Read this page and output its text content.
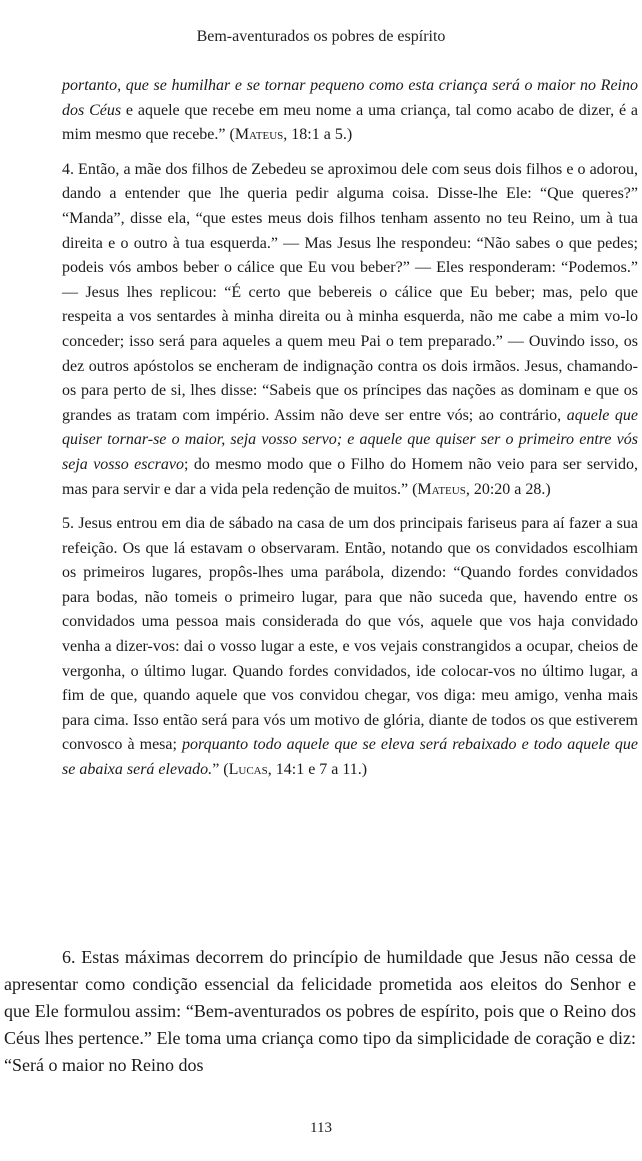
Bem-aventurados os pobres de espírito

portanto, que se humilhar e se tornar pequeno como esta criança será o maior no Reino dos Céus e aquele que recebe em meu nome a uma criança, tal como acabo de dizer, é a mim mesmo que recebe.” (Mateus, 18:1 a 5.)

4. Então, a mãe dos filhos de Zebedeu se aproximou dele com seus dois filhos e o adorou, dando a entender que lhe queria pedir alguma coisa. Disse-lhe Ele: “Que queres?” “Manda”, disse ela, “que estes meus dois filhos tenham assento no teu Reino, um à tua direita e o outro à tua esquerda.” — Mas Jesus lhe respondeu: “Não sabes o que pedes; podeis vós ambos beber o cálice que Eu vou beber?” — Eles responderam: “Podemos.” — Jesus lhes replicou: “É certo que bebereis o cálice que Eu beber; mas, pelo que respeita a vos sentardes à minha direita ou à minha esquerda, não me cabe a mim vo-lo conceder; isso será para aqueles a quem meu Pai o tem preparado.” — Ouvindo isso, os dez outros apóstolos se encheram de indignação contra os dois irmãos. Jesus, chamando-os para perto de si, lhes disse: “Sabeis que os príncipes das nações as dominam e que os grandes as tratam com império. Assim não deve ser entre vós; ao contrário, aquele que quiser tornar-se o maior, seja vosso servo; e aquele que quiser ser o primeiro entre vós seja vosso escravo; do mesmo modo que o Filho do Homem não veio para ser servido, mas para servir e dar a vida pela redenção de muitos.” (Mateus, 20:20 a 28.)

5. Jesus entrou em dia de sábado na casa de um dos principais fariseus para aí fazer a sua refeição. Os que lá estavam o observaram. Então, notando que os convidados escolhiam os primeiros lugares, propôs-lhes uma parábola, dizendo: “Quando fordes convidados para bodas, não tomeis o primeiro lugar, para que não suceda que, havendo entre os convidados uma pessoa mais considerada do que vós, aquele que vos haja convidado venha a dizer-vos: dai o vosso lugar a este, e vos vejais constrangidos a ocupar, cheios de vergonha, o último lugar. Quando fordes convidados, ide colocar-vos no último lugar, a fim de que, quando aquele que vos convidou chegar, vos diga: meu amigo, venha mais para cima. Isso então será para vós um motivo de glória, diante de todos os que estiverem convosco à mesa; porquanto todo aquele que se eleva será rebaixado e todo aquele que se abaixa será elevado.” (Lucas, 14:1 e 7 a 11.)

6. Estas máximas decorrem do princípio de humildade que Jesus não cessa de apresentar como condição essencial da felicidade prometida aos eleitos do Senhor e que Ele formulou assim: “Bem-aventurados os pobres de espírito, pois que o Reino dos Céus lhes pertence.” Ele toma uma criança como tipo da simplicidade de coração e diz: “Será o maior no Reino dos

113
